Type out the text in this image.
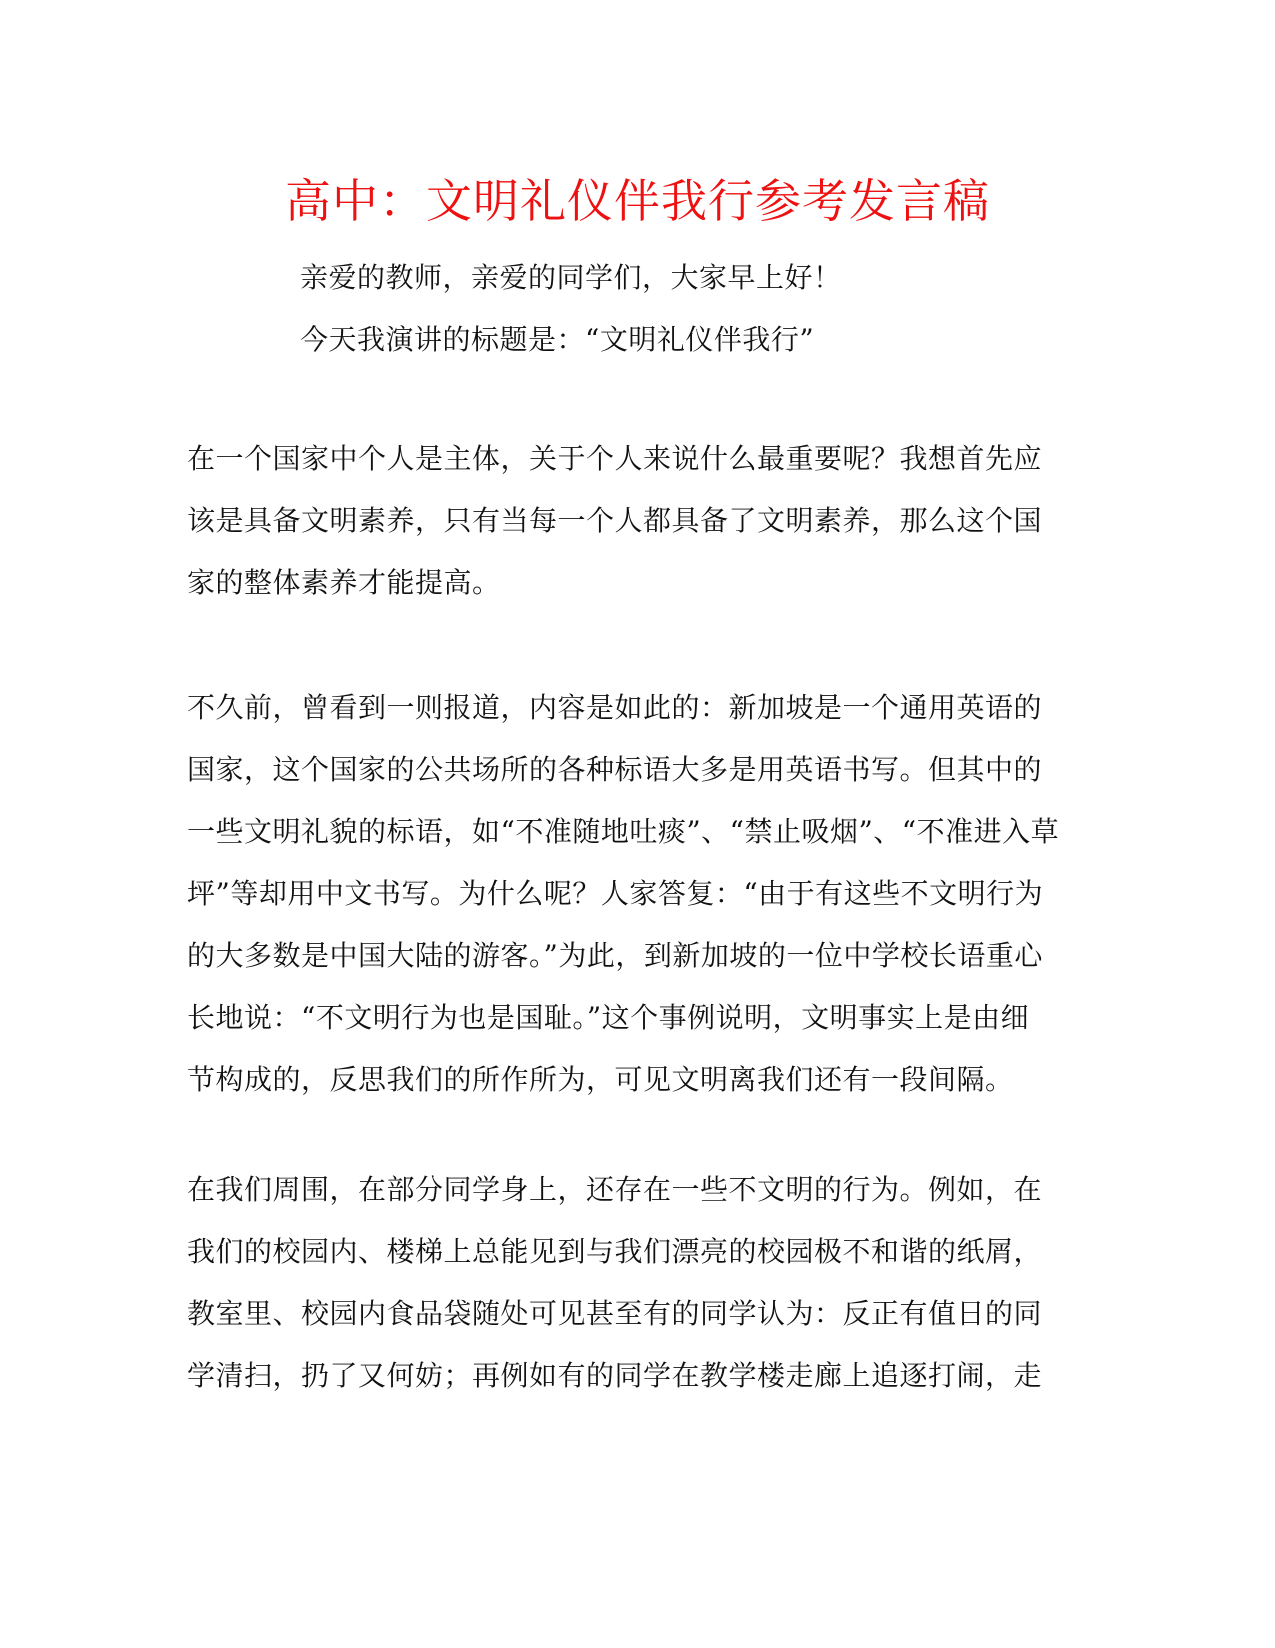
高中：文明礼仪伴我行参考发言稿
亲爱的教师，亲爱的同学们，大家早上好！
今天我演讲的标题是：“文明礼仪伴我行”
在一个国家中个人是主体，关于个人来说什么最重要呢？我想首先应
该是具备文明素养，只有当每一个人都具备了文明素养，那么这个国
家的整体素养才能提高。
不久前，曾看到一则报道，内容是如此的：新加坡是一个通用英语的
国家，这个国家的公共场所的各种标语大多是用英语书写。但其中的
一些文明礼貌的标语，如“不准随地吐痰”、“禁止吸烟”、“不准进入草
坪”等却用中文书写。为什么呢？人家答复：“由于有这些不文明行为
的大多数是中国大陆的游客。”为此，到新加坡的一位中学校长语重心
长地说：“不文明行为也是国耻。”这个事例说明，文明事实上是由细
节构成的，反思我们的所作所为，可见文明离我们还有一段间隔。
在我们周围，在部分同学身上，还存在一些不文明的行为。例如，在
我们的校园内、楼梯上总能见到与我们漂亮的校园极不和谐的纸屑，
教室里、校园内食品袋随处可见甚至有的同学认为：反正有值日的同
学清扫，扔了又何妨；再例如有的同学在教学楼走廊上追逐打闹，走
